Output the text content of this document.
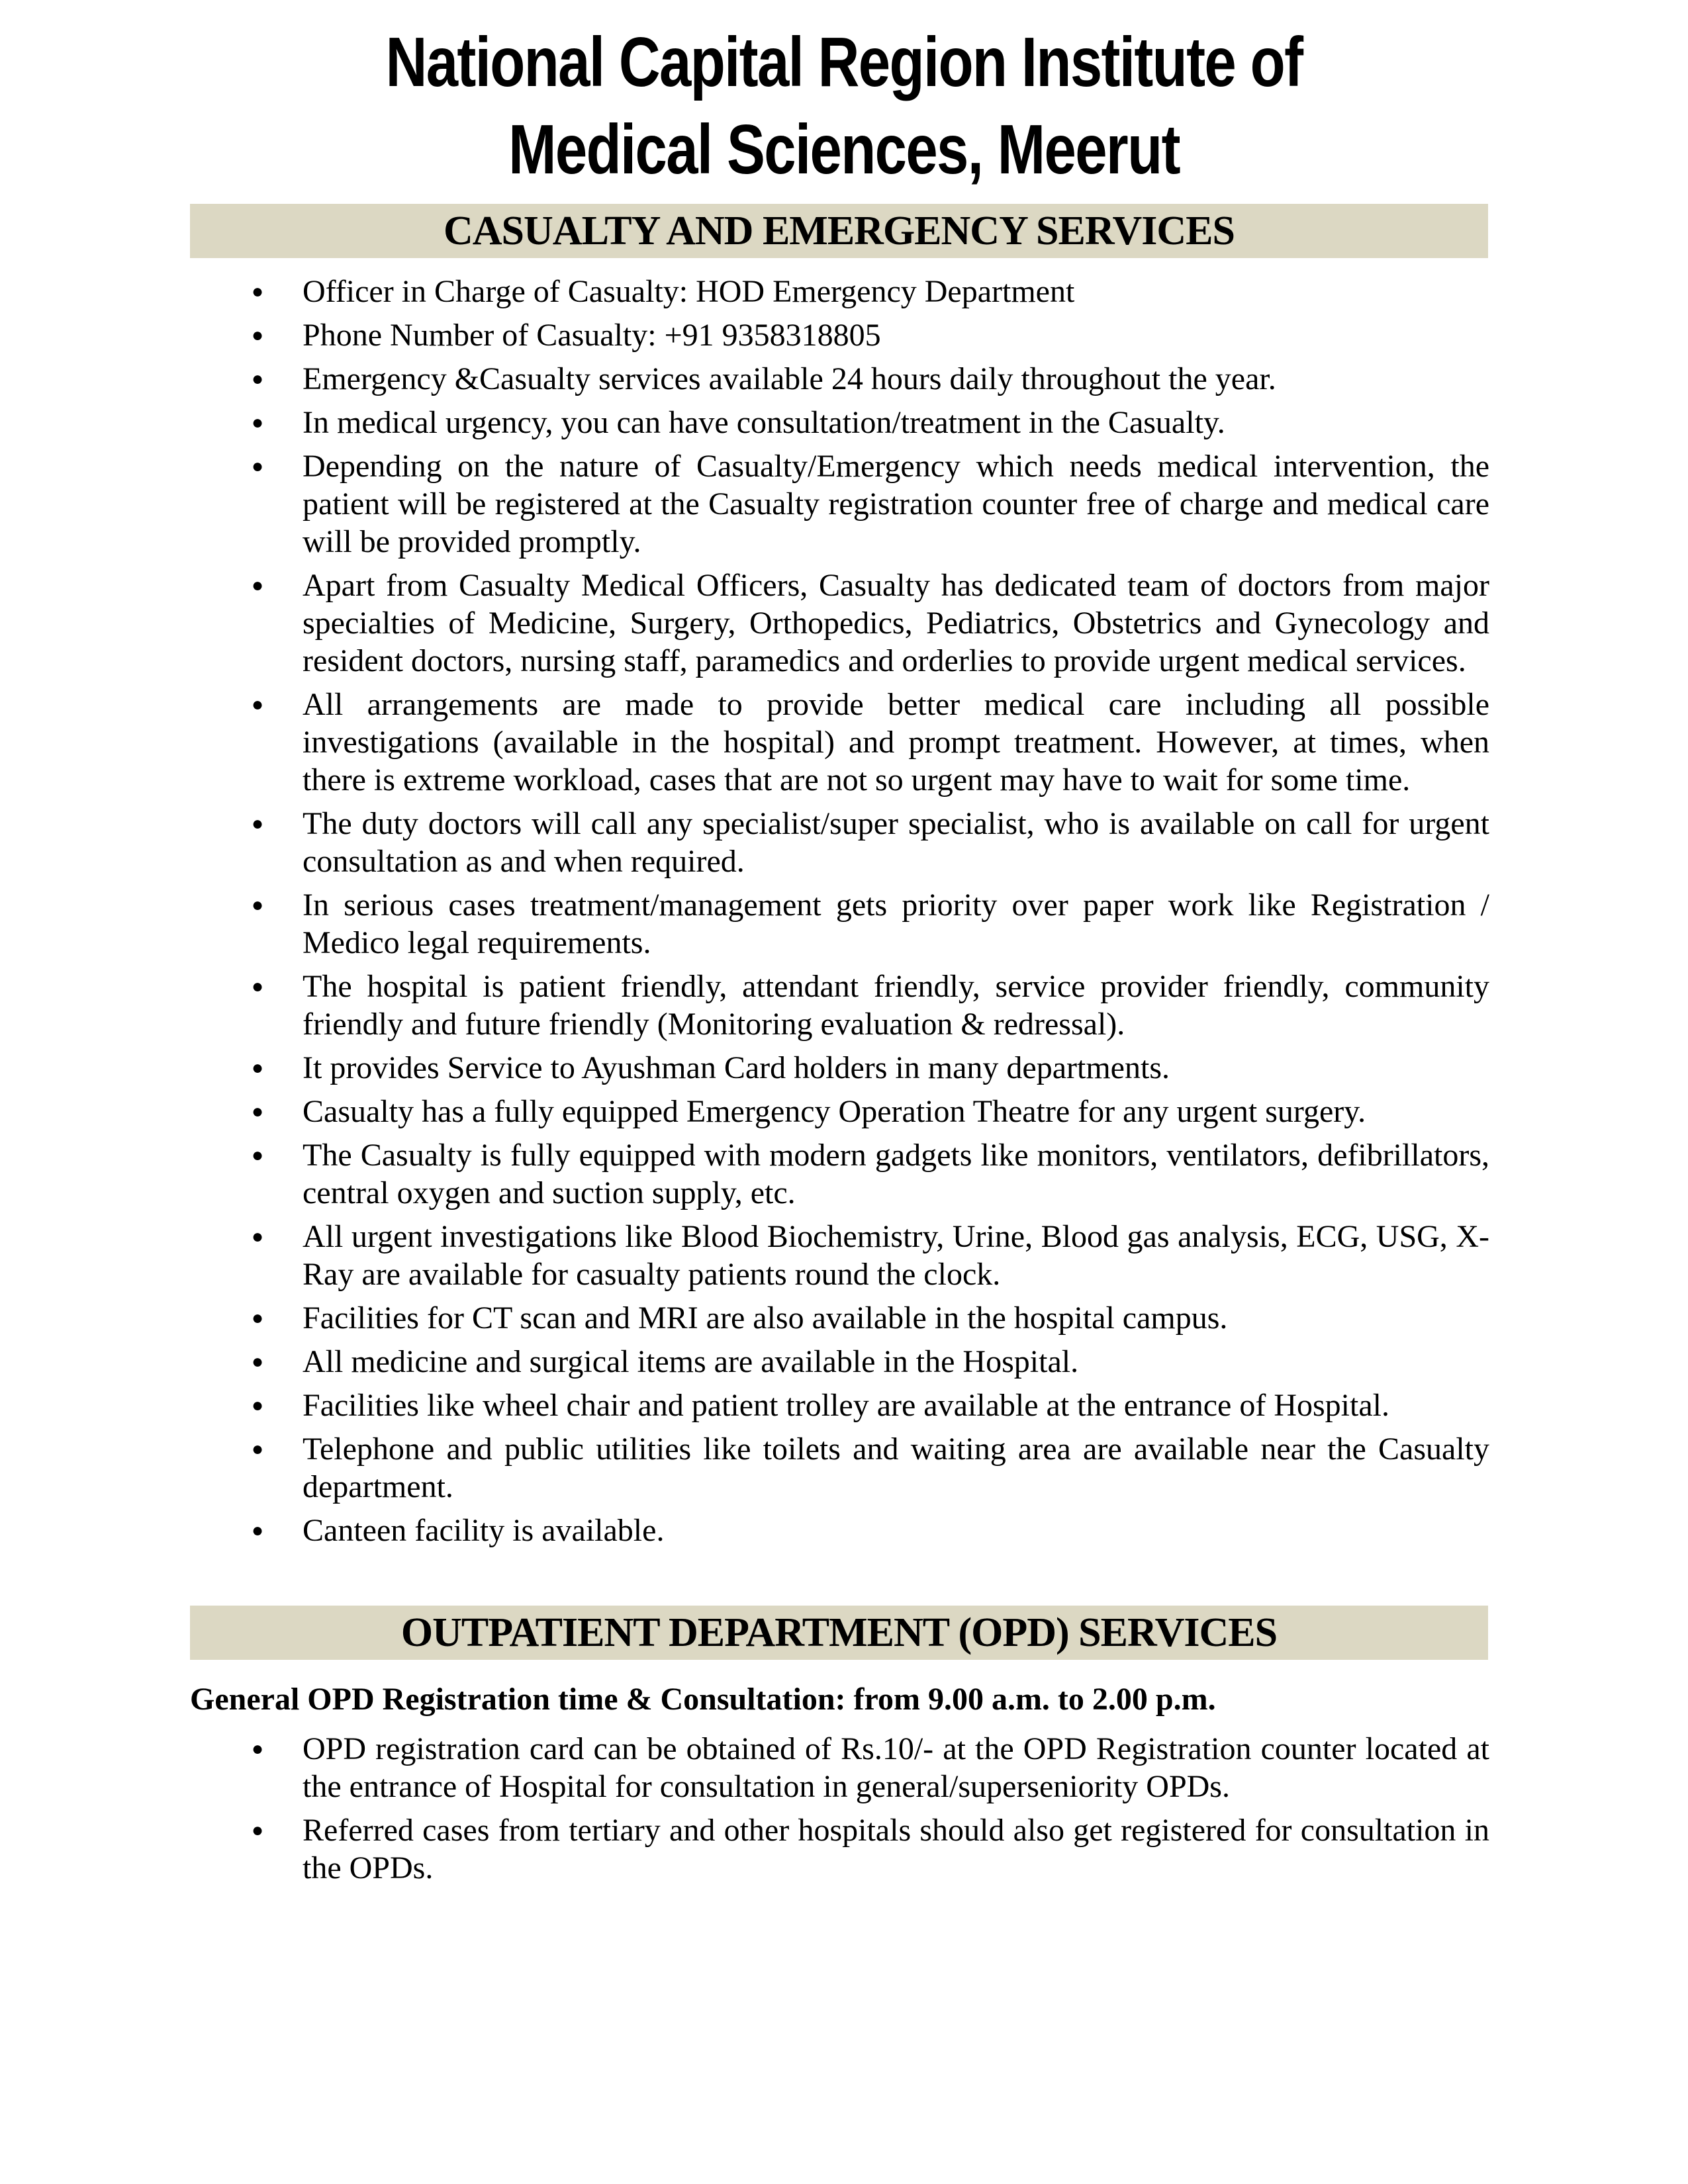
National Capital Region Institute of
Medical Sciences, Meerut
CASUALTY AND EMERGENCY SERVICES
●	Officer in Charge of Casualty: HOD Emergency Department
●	Phone Number of Casualty: +91 9358318805
●	Emergency &Casualty services available 24 hours daily throughout the year.
●	In medical urgency, you can have consultation/treatment in the Casualty.
●	Depending on the nature of Casualty/Emergency which needs medical intervention, the patient will be registered at the Casualty registration counter free of charge and medical care will be provided promptly.
●	Apart from Casualty Medical Officers, Casualty has dedicated team of doctors from major specialties of Medicine, Surgery, Orthopedics, Pediatrics, Obstetrics and Gynecology and resident doctors, nursing staff, paramedics and orderlies to provide urgent medical services.
●	All arrangements are made to provide better medical care including all possible investigations (available in the hospital) and prompt treatment. However, at times, when there is extreme workload, cases that are not so urgent may have to wait for some time.
●	The duty doctors will call any specialist/super specialist, who is available on call for urgent consultation as and when required.
●	In serious cases treatment/management gets priority over paper work like Registration / Medico legal requirements.
●	The hospital is patient friendly, attendant friendly, service provider friendly, community friendly and future friendly (Monitoring evaluation & redressal).
●	It provides Service to Ayushman Card holders in many departments.
●	Casualty has a fully equipped Emergency Operation Theatre for any urgent surgery.
●	The Casualty is fully equipped with modern gadgets like monitors, ventilators, defibrillators, central oxygen and suction supply, etc.
●	All urgent investigations like Blood Biochemistry, Urine, Blood gas analysis, ECG, USG, X-Ray are available for casualty patients round the clock.
●	Facilities for CT scan and MRI are also available in the hospital campus.
●	All medicine and surgical items are available in the Hospital.
●	Facilities like wheel chair and patient trolley are available at the entrance of Hospital.
●	Telephone and public utilities like toilets and waiting area are available near the Casualty department.
●	Canteen facility is available.
OUTPATIENT DEPARTMENT (OPD) SERVICES
General OPD Registration time & Consultation: from 9.00 a.m. to 2.00 p.m.
●	OPD registration card can be obtained of Rs.10/- at the OPD Registration counter located at the entrance of Hospital for consultation in general/superseniority OPDs.
●	Referred cases from tertiary and other hospitals should also get registered for consultation in the OPDs.
